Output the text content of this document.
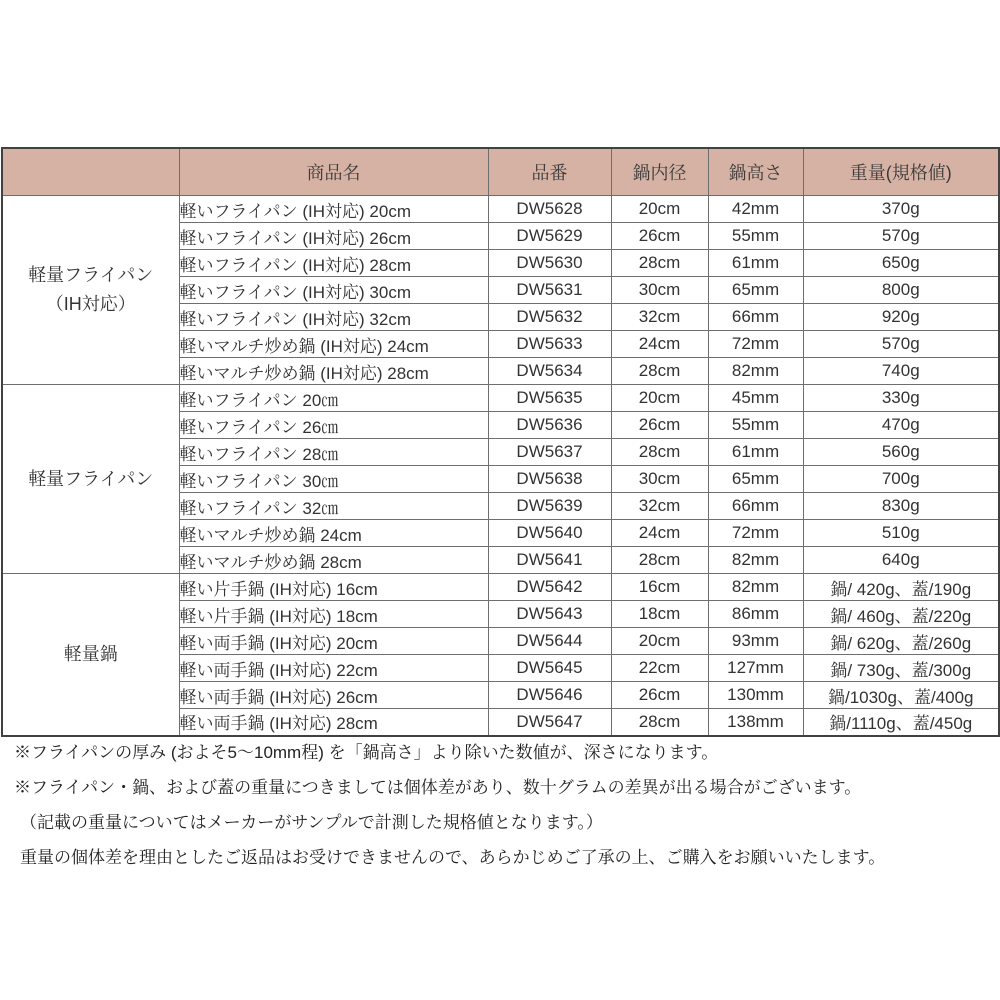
	商品名	品番	鍋内径	鍋高さ	重量(規格値)

軽量フライパン
（IH対応）	軽いフライパン (IH対応) 20cm	DW5628	20cm	42mm	370g
	軽いフライパン (IH対応) 26cm	DW5629	26cm	55mm	570g
	軽いフライパン (IH対応) 28cm	DW5630	28cm	61mm	650g
	軽いフライパン (IH対応) 30cm	DW5631	30cm	65mm	800g
	軽いフライパン (IH対応) 32cm	DW5632	32cm	66mm	920g
	軽いマルチ炒め鍋 (IH対応) 24cm	DW5633	24cm	72mm	570g
	軽いマルチ炒め鍋 (IH対応) 28cm	DW5634	28cm	82mm	740g

軽量フライパン	軽いフライパン 20㎝	DW5635	20cm	45mm	330g
	軽いフライパン 26㎝	DW5636	26cm	55mm	470g
	軽いフライパン 28㎝	DW5637	28cm	61mm	560g
	軽いフライパン 30㎝	DW5638	30cm	65mm	700g
	軽いフライパン 32㎝	DW5639	32cm	66mm	830g
	軽いマルチ炒め鍋 24cm	DW5640	24cm	72mm	510g
	軽いマルチ炒め鍋 28cm	DW5641	28cm	82mm	640g

軽量鍋	軽い片手鍋 (IH対応) 16cm	DW5642	16cm	82mm	鍋/ 420g、蓋/190g
	軽い片手鍋 (IH対応) 18cm	DW5643	18cm	86mm	鍋/ 460g、蓋/220g
	軽い両手鍋 (IH対応) 20cm	DW5644	20cm	93mm	鍋/ 620g、蓋/260g
	軽い両手鍋 (IH対応) 22cm	DW5645	22cm	127mm	鍋/ 730g、蓋/300g
	軽い両手鍋 (IH対応) 26cm	DW5646	26cm	130mm	鍋/1030g、蓋/400g
	軽い両手鍋 (IH対応) 28cm	DW5647	28cm	138mm	鍋/1110g、蓋/450g
※フライパンの厚み (およそ5～10mm程) を「鍋高さ」より除いた数値が、深さになります。
※フライパン・鍋、および蓋の重量につきましては個体差があり、数十グラムの差異が出る場合がございます。
（記載の重量についてはメーカーがサンプルで計測した規格値となります。）
重量の個体差を理由としたご返品はお受けできませんので、あらかじめご了承の上、ご購入をお願いいたします。
